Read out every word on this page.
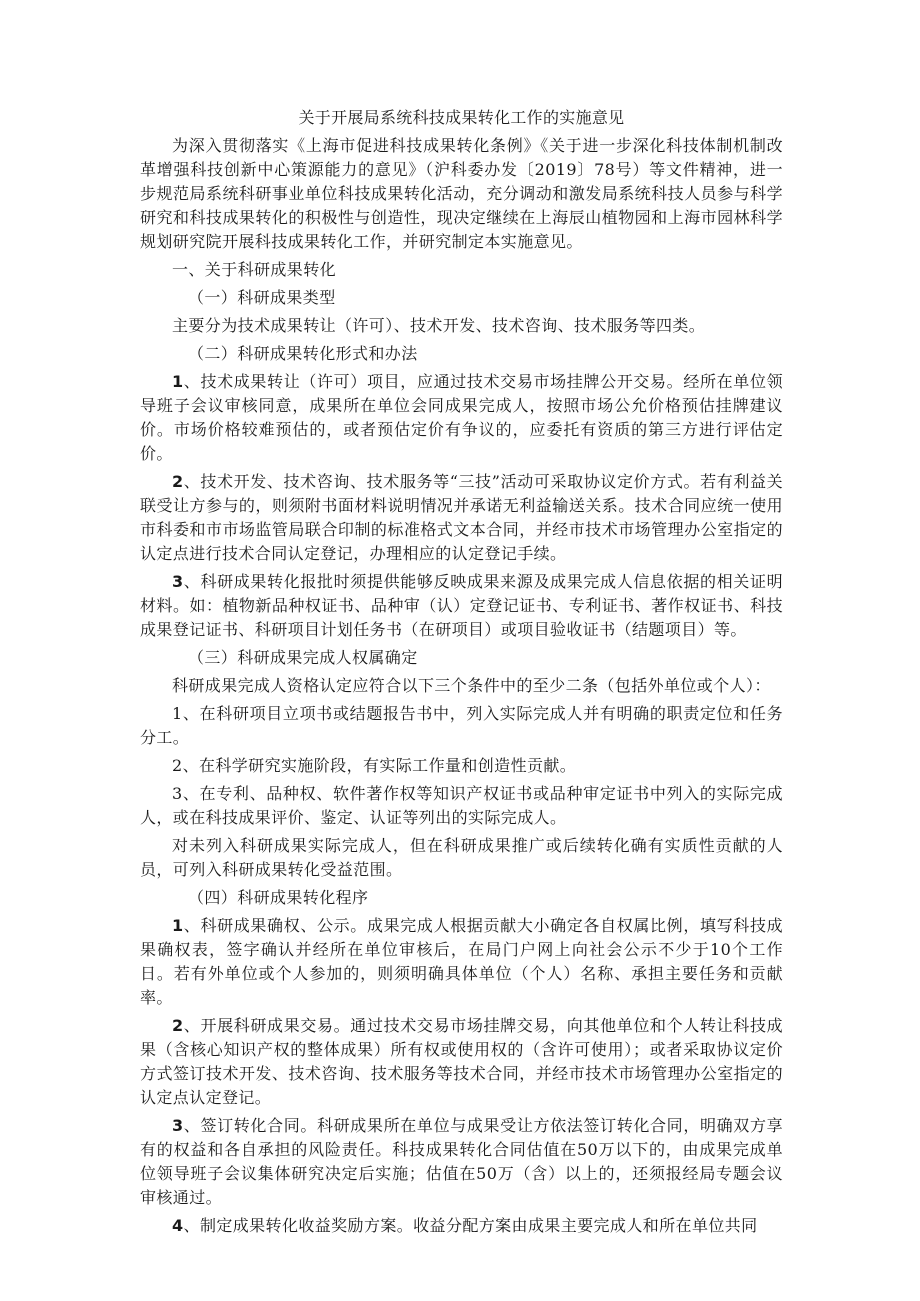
关于开展局系统科技成果转化工作的实施意见

为深入贯彻落实《上海市促进科技成果转化条例》《关于进一步深化科技体制机制改革增强科技创新中心策源能力的意见》（沪科委办发〔2019〕78号）等文件精神，进一步规范局系统科研事业单位科技成果转化活动，充分调动和激发局系统科技人员参与科学研究和科技成果转化的积极性与创造性，现决定继续在上海辰山植物园和上海市园林科学规划研究院开展科技成果转化工作，并研究制定本实施意见。

一、关于科研成果转化

（一）科研成果类型

主要分为技术成果转让（许可）、技术开发、技术咨询、技术服务等四类。

（二）科研成果转化形式和办法

1、技术成果转让（许可）项目，应通过技术交易市场挂牌公开交易。经所在单位领导班子会议审核同意，成果所在单位会同成果完成人，按照市场公允价格预估挂牌建议价。市场价格较难预估的，或者预估定价有争议的，应委托有资质的第三方进行评估定价。

2、技术开发、技术咨询、技术服务等“三技”活动可采取协议定价方式。若有利益关联受让方参与的，则须附书面材料说明情况并承诺无利益输送关系。技术合同应统一使用市科委和市市场监管局联合印制的标准格式文本合同，并经市技术市场管理办公室指定的认定点进行技术合同认定登记，办理相应的认定登记手续。

3、科研成果转化报批时须提供能够反映成果来源及成果完成人信息依据的相关证明材料。如：植物新品种权证书、品种审（认）定登记证书、专利证书、著作权证书、科技成果登记证书、科研项目计划任务书（在研项目）或项目验收证书（结题项目）等。

（三）科研成果完成人权属确定

科研成果完成人资格认定应符合以下三个条件中的至少二条（包括外单位或个人）：

1、在科研项目立项书或结题报告书中，列入实际完成人并有明确的职责定位和任务分工。

2、在科学研究实施阶段，有实际工作量和创造性贡献。

3、在专利、品种权、软件著作权等知识产权证书或品种审定证书中列入的实际完成人，或在科技成果评价、鉴定、认证等列出的实际完成人。

对未列入科研成果实际完成人，但在科研成果推广或后续转化确有实质性贡献的人员，可列入科研成果转化受益范围。

（四）科研成果转化程序

1、科研成果确权、公示。成果完成人根据贡献大小确定各自权属比例，填写科技成果确权表，签字确认并经所在单位审核后，在局门户网上向社会公示不少于10个工作日。若有外单位或个人参加的，则须明确具体单位（个人）名称、承担主要任务和贡献率。

2、开展科研成果交易。通过技术交易市场挂牌交易，向其他单位和个人转让科技成果（含核心知识产权的整体成果）所有权或使用权的（含许可使用）；或者采取协议定价方式签订技术开发、技术咨询、技术服务等技术合同，并经市技术市场管理办公室指定的认定点认定登记。

3、签订转化合同。科研成果所在单位与成果受让方依法签订转化合同，明确双方享有的权益和各自承担的风险责任。科技成果转化合同估值在50万以下的，由成果完成单位领导班子会议集体研究决定后实施；估值在50万（含）以上的，还须报经局专题会议审核通过。

4、制定成果转化收益奖励方案。收益分配方案由成果主要完成人和所在单位共同
